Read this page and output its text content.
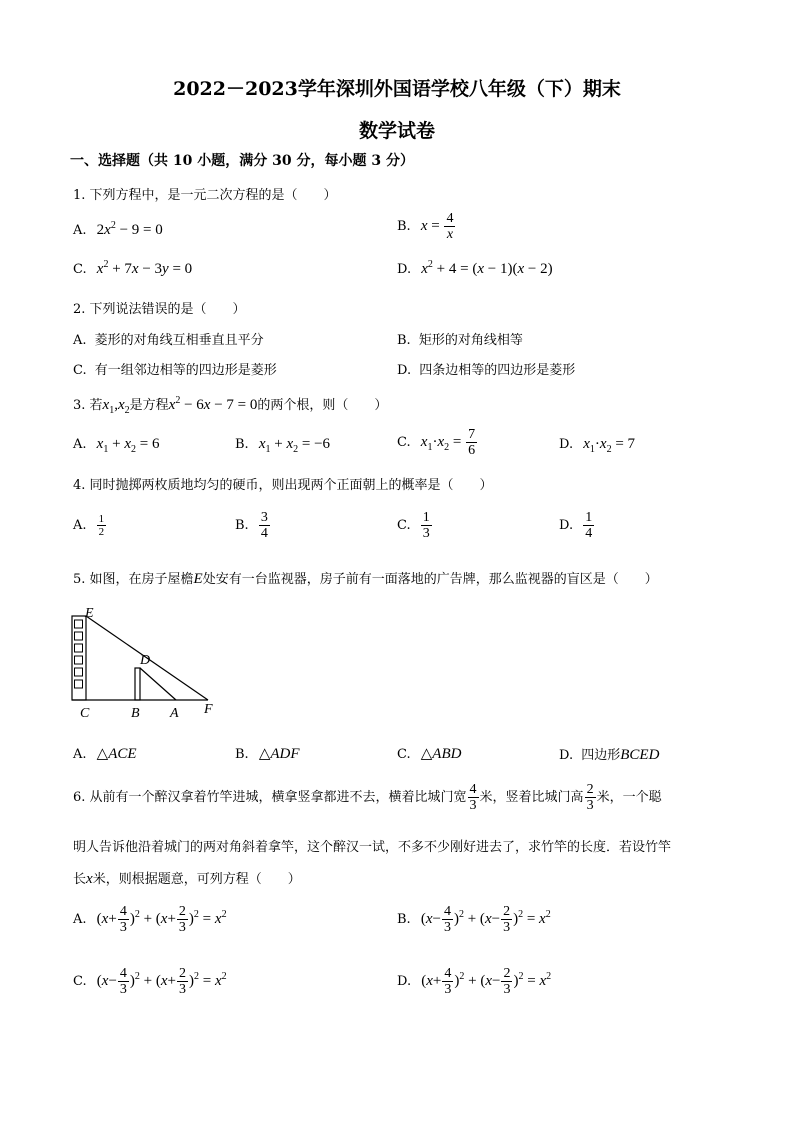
2022－2023学年深圳外国语学校八年级（下）期末
数学试卷
一、选择题（共 10 小题，满分 30 分，每小题 3 分）
1. 下列方程中，是一元二次方程的是（　　）
A. $2x^2 - 9 = 0$	B. $x = \frac{4}{x}$
C. $x^2 + 7x - 3y = 0$	D. $x^2 + 4 = (x - 1)(x - 2)$
2. 下列说法错误的是（　　）
A. 菱形的对角线互相垂直且平分	B. 矩形的对角线相等
C. 有一组邻边相等的四边形是菱形	D. 四条边相等的四边形是菱形
3. 若$x_1,x_2$是方程$x^2 - 6x - 7 = 0$的两个根，则（　　）
A. $x_1 + x_2 = 6$	B. $x_1 + x_2 = -6$	C. $x_1\cdot x_2 = \frac{7}{6}$	D. $x_1\cdot x_2 = 7$
4. 同时抛掷两枚质地均匀的硬币，则出现两个正面朝上的概率是（　　）
A. $\frac{1}{2}$	B. $\frac{3}{4}$	C. $\frac{1}{3}$	D. $\frac{1}{4}$
5. 如图，在房子屋檐E处安有一台监视器，房子前有一面落地的广告牌，那么监视器的盲区是（　　）
E
D
C	B A F
A. △ACE	B. △ADF	C. △ABD	D. 四边形BCED
6. 从前有一个醉汉拿着竹竿进城，横拿竖拿都进不去，横着比城门宽 $\frac{4}{3}$ 米，竖着比城门高 $\frac{2}{3}$ 米，一个聪
明人告诉他沿着城门的两对角斜着拿竿，这个醉汉一试，不多不少刚好进去了，求竹竿的长度．若设竹竿
长x米，则根据题意，可列方程（　　）
A. $(x+ \frac{4}{3} )^2 + (x+ \frac{2}{3} )^2 = x^2$	B. $(x- \frac{4}{3} )^2 + (x- \frac{2}{3} )^2 = x^2$
C. $(x- \frac{4}{3} )^2 + (x+ \frac{2}{3} )^2 = x^2$	D. $(x+ \frac{4}{3} )^2 + (x- \frac{2}{3} )^2 = x^2$
